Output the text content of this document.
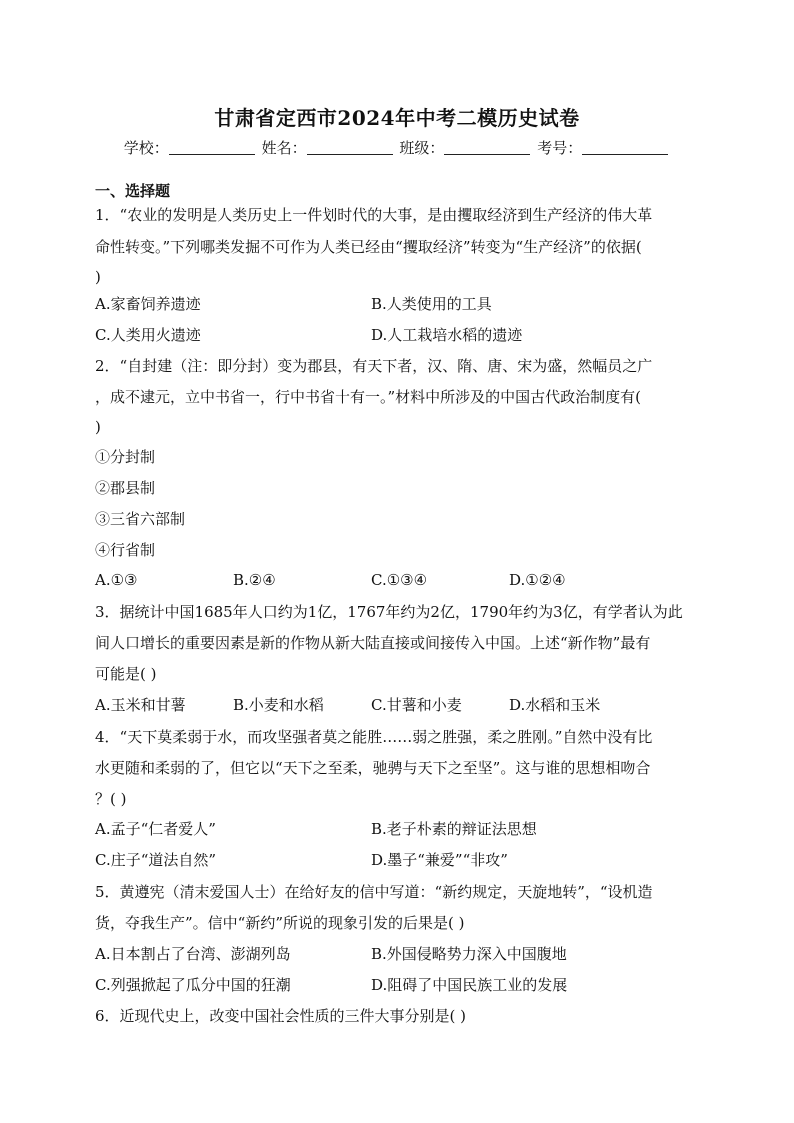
甘肃省定西市2024年中考二模历史试卷
学校：	姓名：	班级：	考号：
一、选择题
1．“农业的发明是人类历史上一件划时代的大事，是由攫取经济到生产经济的伟大革
命性转变。”下列哪类发掘不可作为人类已经由“攫取经济”转变为“生产经济”的依据(
)
A.家畜饲养遗迹	B.人类使用的工具
C.人类用火遗迹	D.人工栽培水稻的遗迹
2．“自封建（注：即分封）变为郡县，有天下者，汉、隋、唐、宋为盛，然幅员之广
，成不逮元，立中书省一，行中书省十有一。”材料中所涉及的中国古代政治制度有(
)
①分封制
②郡县制
③三省六部制
④行省制
A.①③	B.②④	C.①③④	D.①②④
3．据统计中国1685年人口约为1亿，1767年约为2亿，1790年约为3亿，有学者认为此
间人口增长的重要因素是新的作物从新大陆直接或间接传入中国。上述“新作物”最有
可能是( )
A.玉米和甘薯	B.小麦和水稻	C.甘薯和小麦	D.水稻和玉米
4．“天下莫柔弱于水，而攻坚强者莫之能胜……弱之胜强，柔之胜刚。”自然中没有比
水更随和柔弱的了，但它以“天下之至柔，驰骋与天下之至坚”。这与谁的思想相吻合
？( )
A.孟子“仁者爱人”	B.老子朴素的辩证法思想
C.庄子“道法自然”	D.墨子“兼爱”“非攻”
5．黄遵宪（清末爱国人士）在给好友的信中写道：“新约规定，天旋地转”，“设机造
货，夺我生产”。信中“新约”所说的现象引发的后果是( )
A.日本割占了台湾、澎湖列岛	B.外国侵略势力深入中国腹地
C.列强掀起了瓜分中国的狂潮	D.阻碍了中国民族工业的发展
6．近现代史上，改变中国社会性质的三件大事分别是( )
